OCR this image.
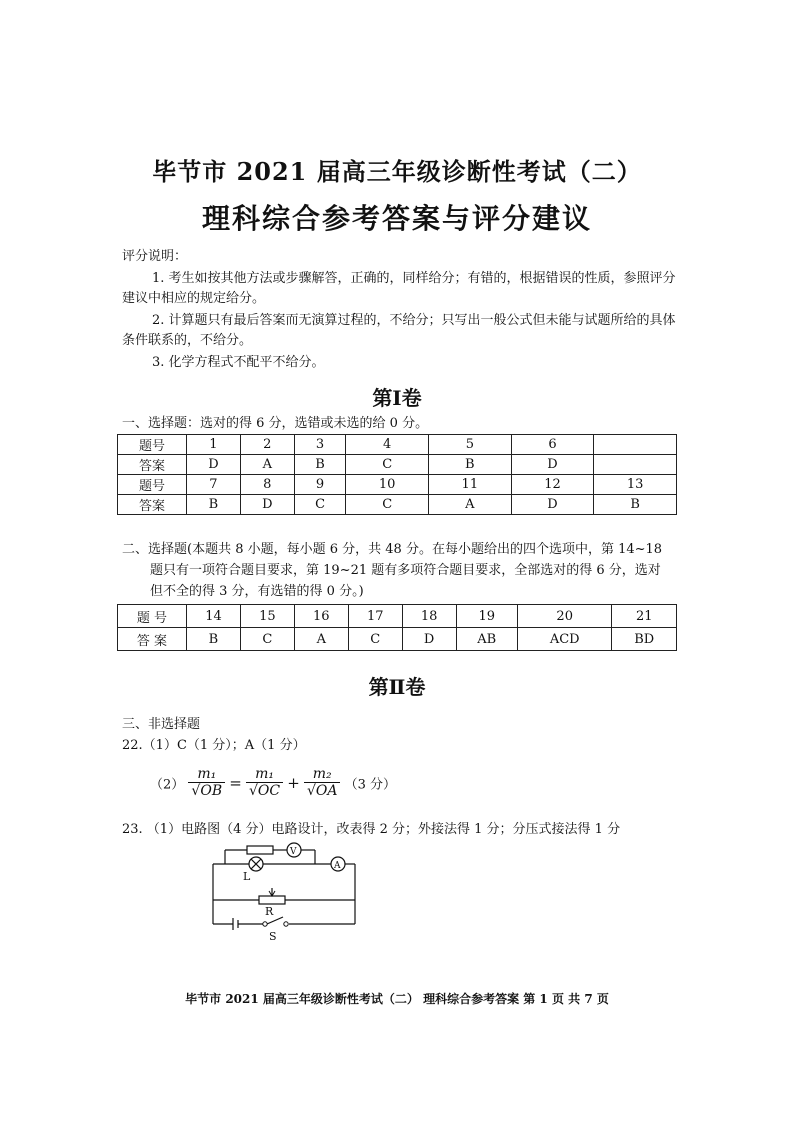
毕节市 2021 届高三年级诊断性考试（二）
理科综合参考答案与评分建议
评分说明：
1. 考生如按其他方法或步骤解答，正确的，同样给分；有错的，根据错误的性质，参照评分建议中相应的规定给分。
2. 计算题只有最后答案而无演算过程的，不给分；只写出一般公式但未能与试题所给的具体条件联系的，不给分。
3. 化学方程式不配平不给分。
第Ⅰ卷
一、选择题：选对的得 6 分，选错或未选的给 0 分。
题号	1	2	3	4	5	6	
答案	D	A	B	C	B	D	
题号	7	8	9	10	11	12	13
答案	B	D	C	C	A	D	B
二、选择题(本题共 8 小题，每小题 6 分，共 48 分。在每小题给出的四个选项中，第 14~18
题只有一项符合题目要求，第 19~21 题有多项符合题目要求，全部选对的得 6 分，选对
但不全的得 3 分，有选错的得 0 分。)
题 号	14	15	16	17	18	19	20	21
答 案	B	C	A	C	D	AB	ACD	BD
第Ⅱ卷
三、非选择题
22.（1）C（1 分）；A（1 分）
$(2) \frac{\text{m₁}}{√OB} = \frac{\text{m₁}}{√OC} + \frac{\text{m₂}}{√OA} (3$ 分）
23. （1）电路图（4 分）电路设计，改表得 2 分；外接法得 1 分；分压式接法得 1 分
V
A
L
R
S
毕节市 2021 届高三年级诊断性考试（二） 理科综合参考答案 第 1 页 共 7 页
